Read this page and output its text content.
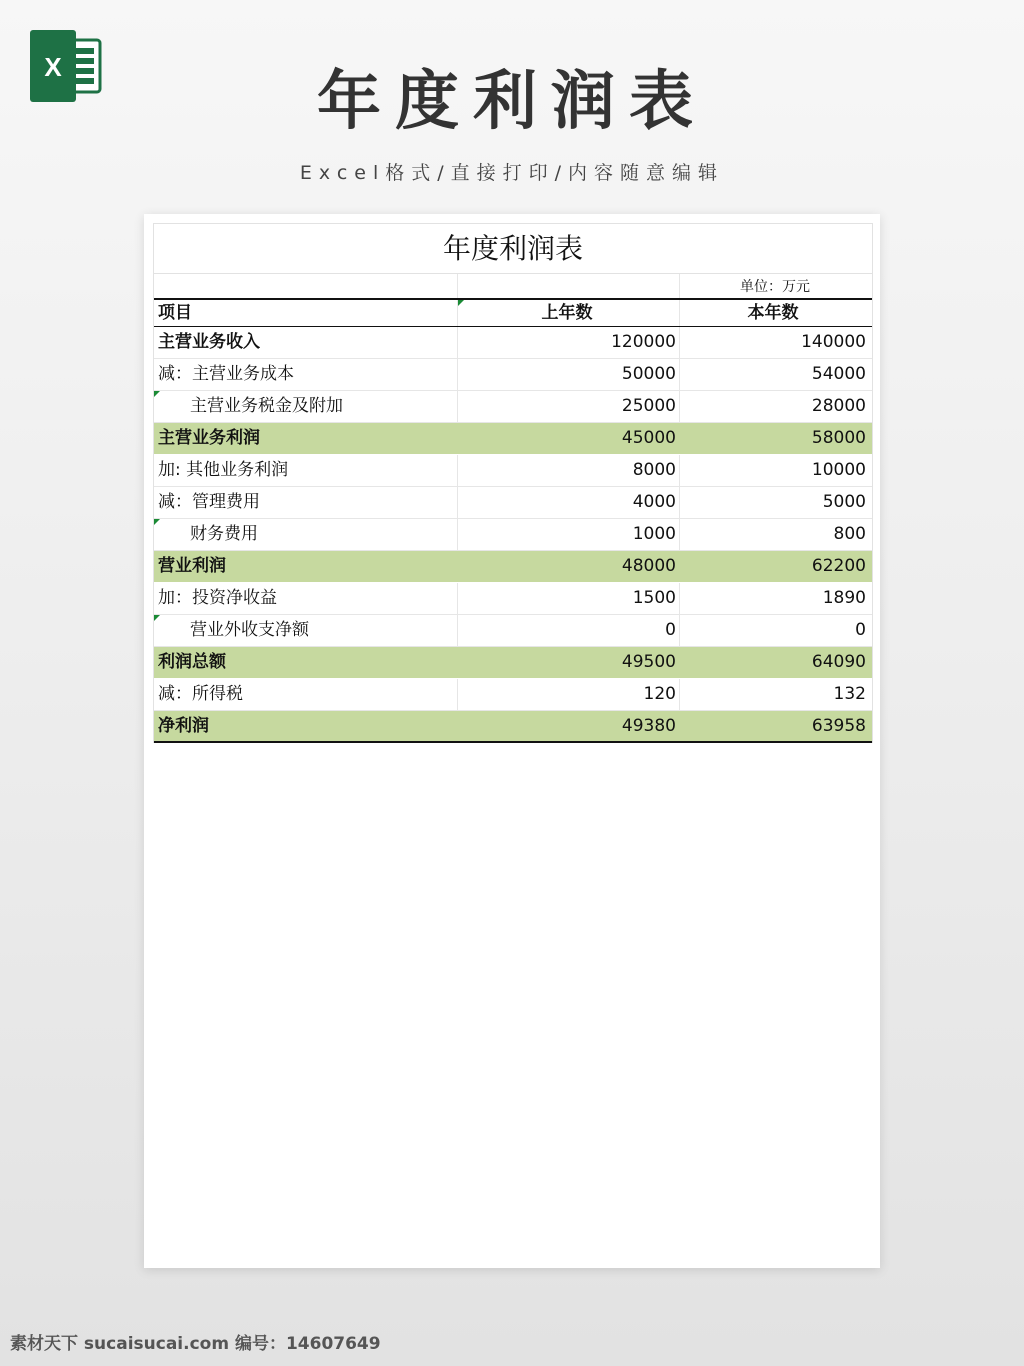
X	年度利润表
Excel格式/直接打印/内容随意编辑
年度利润表
单位：万元
项目	上年数	本年数
主营业务收入	120000	140000
减：主营业务成本	50000	54000
主营业务税金及附加	25000	28000
主营业务利润	45000	58000
加: 其他业务利润	8000	10000
减：管理费用	4000	5000
财务费用	1000	800
营业利润	48000	62200
加：投资净收益	1500	1890
营业外收支净额	0	0
利润总额	49500	64090
减：所得税	120	132
净利润	49380	63958
素材天下 sucaisucai.com 编号：14607649
